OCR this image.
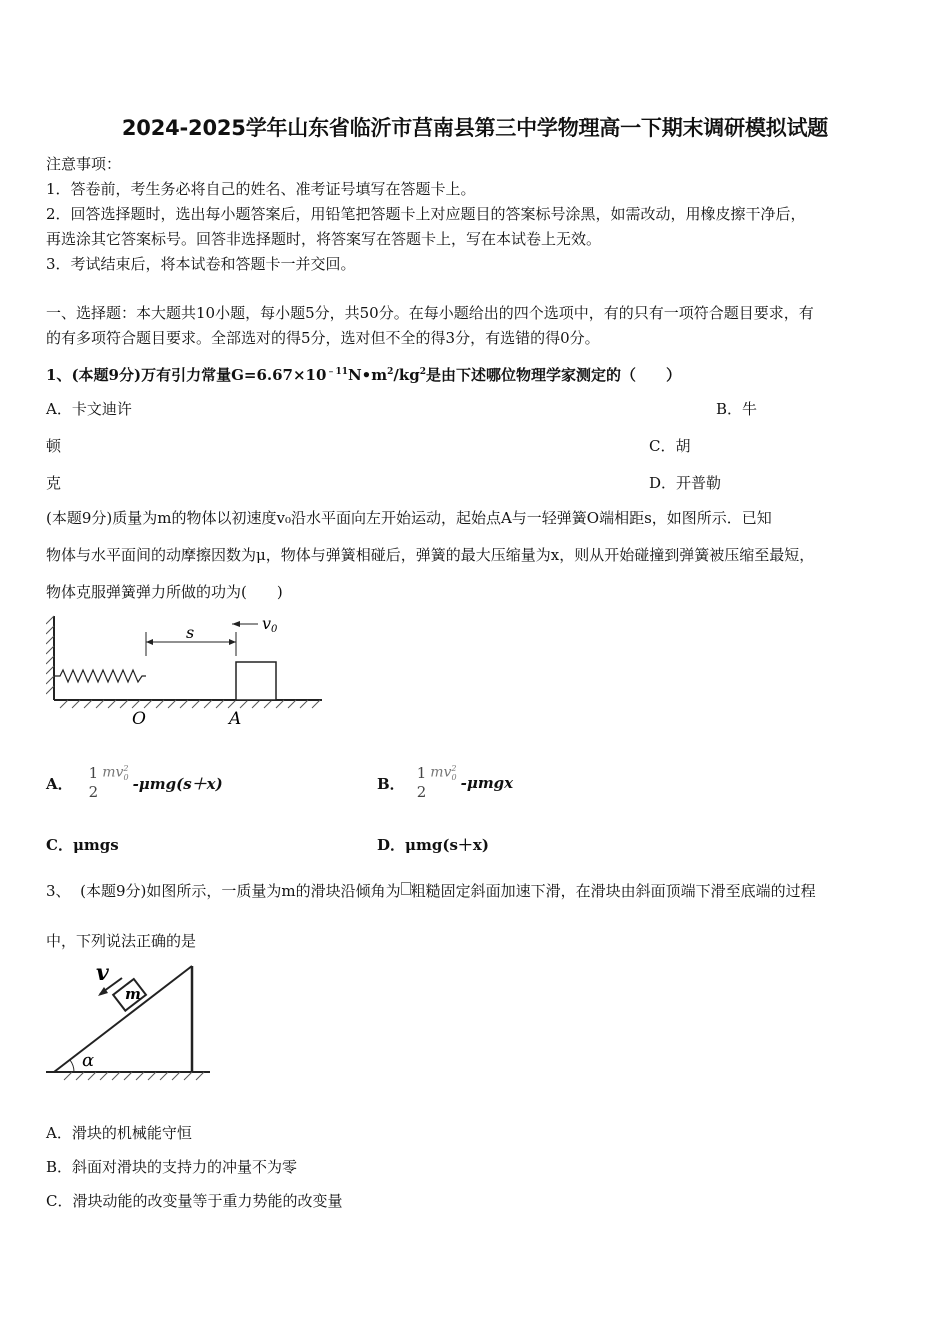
2024-2025学年山东省临沂市莒南县第三中学物理高一下期末调研模拟试题
注意事项：
1．答卷前，考生务必将自己的姓名、准考证号填写在答题卡上。
2．回答选择题时，选出每小题答案后，用铅笔把答题卡上对应题目的答案标号涂黑，如需改动，用橡皮擦干净后，
再选涂其它答案标号。回答非选择题时，将答案写在答题卡上，写在本试卷上无效。
3．考试结束后，将本试卷和答题卡一并交回。
一、选择题：本大题共10小题，每小题5分，共50分。在每小题给出的四个选项中，有的只有一项符合题目要求，有
的有多项符合题目要求。全部选对的得5分，选对但不全的得3分，有选错的得0分。
1、(本题9分)万有引力常量$G=6.67\times 10^{﹣11}N•m^2/kg^2$是由下述哪位物理学家测定的（　　）
A．卡文迪许	B．牛
顿	C．胡
克	D．开普勒
(本题9分)质量为m的物体以初速度v₀沿水平面向左开始运动，起始点A与一轻弹簧O端相距s，如图所示．已知
物体与水平面间的动摩擦因数为μ，物体与弹簧相碰后，弹簧的最大压缩量为x，则从开始碰撞到弹簧被压缩至最短，
物体克服弹簧弹力所做的功为(　　)
s	v0
O	A
A．
1
2
$mv^2_0$ -μmg(s＋x)	B．
1
2
$mv^2_0$ -μmgx
C．μmgs	D．μmg(s＋x)
3、 (本题9分)如图所示，一质量为m的滑块沿倾角为 粗糙固定斜面加速下滑，在滑块由斜面顶端下滑至底端的过程
中，下列说法正确的是
α
m
v
A．滑块的机械能守恒
B．斜面对滑块的支持力的冲量不为零
C．滑块动能的改变量等于重力势能的改变量
